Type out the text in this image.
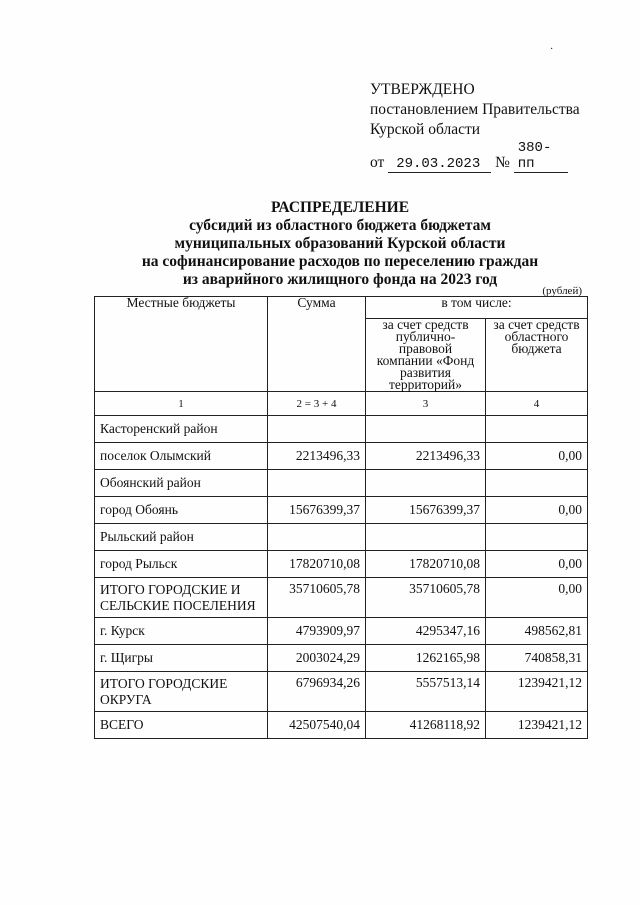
·
УТВЕРЖДЕНО
постановлением Правительства
Курской области
от 29.03.2023 № 380-пп
РАСПРЕДЕЛЕНИЕ
субсидий из областного бюджета бюджетам
муниципальных образований Курской области
на софинансирование расходов по переселению граждан
из аварийного жилищного фонда на 2023 год
(рублей)
Местные бюджеты	Сумма	в том числе:	
		за счет средств публично-правовой компании «Фонд развития территорий»	за счет средств областного бюджета
1	2 = 3 + 4	3	4
Касторенский район			
поселок Олымский	2213496,33	2213496,33	0,00
Обоянский район			
город Обоянь	15676399,37	15676399,37	0,00
Рыльский район			
город Рыльск	17820710,08	17820710,08	0,00
ИТОГО ГОРОДСКИЕ И СЕЛЬСКИЕ ПОСЕЛЕНИЯ	35710605,78	35710605,78	0,00
г. Курск	4793909,97	4295347,16	498562,81
г. Щигры	2003024,29	1262165,98	740858,31
ИТОГО ГОРОДСКИЕ ОКРУГА	6796934,26	5557513,14	1239421,12
ВСЕГО	42507540,04	41268118,92	1239421,12
